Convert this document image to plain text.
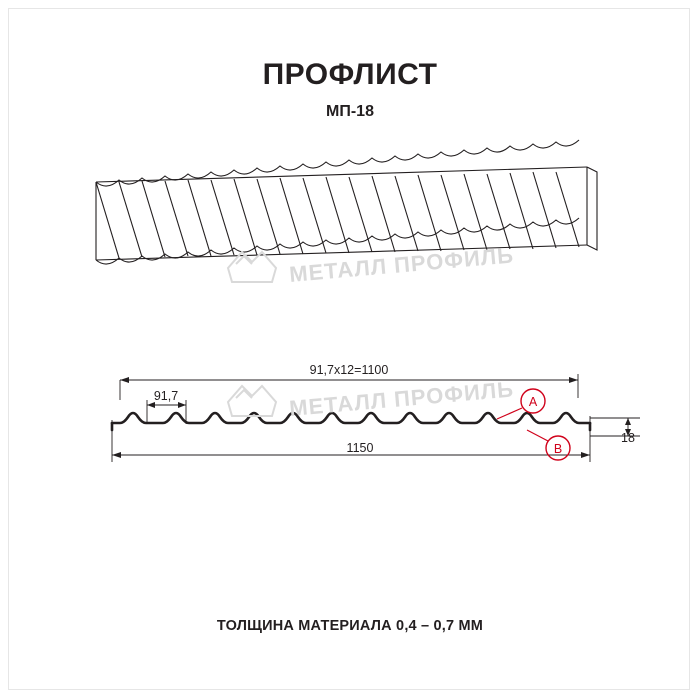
ПРОФЛИСТ
МП-18
МЕТАЛЛ ПРОФИЛЬ
A
B
МЕТАЛЛ ПРОФИЛЬ
91,7x12=1100
91,7
1150
18
ТОЛЩИНА МАТЕРИАЛА 0,4 – 0,7 ММ
